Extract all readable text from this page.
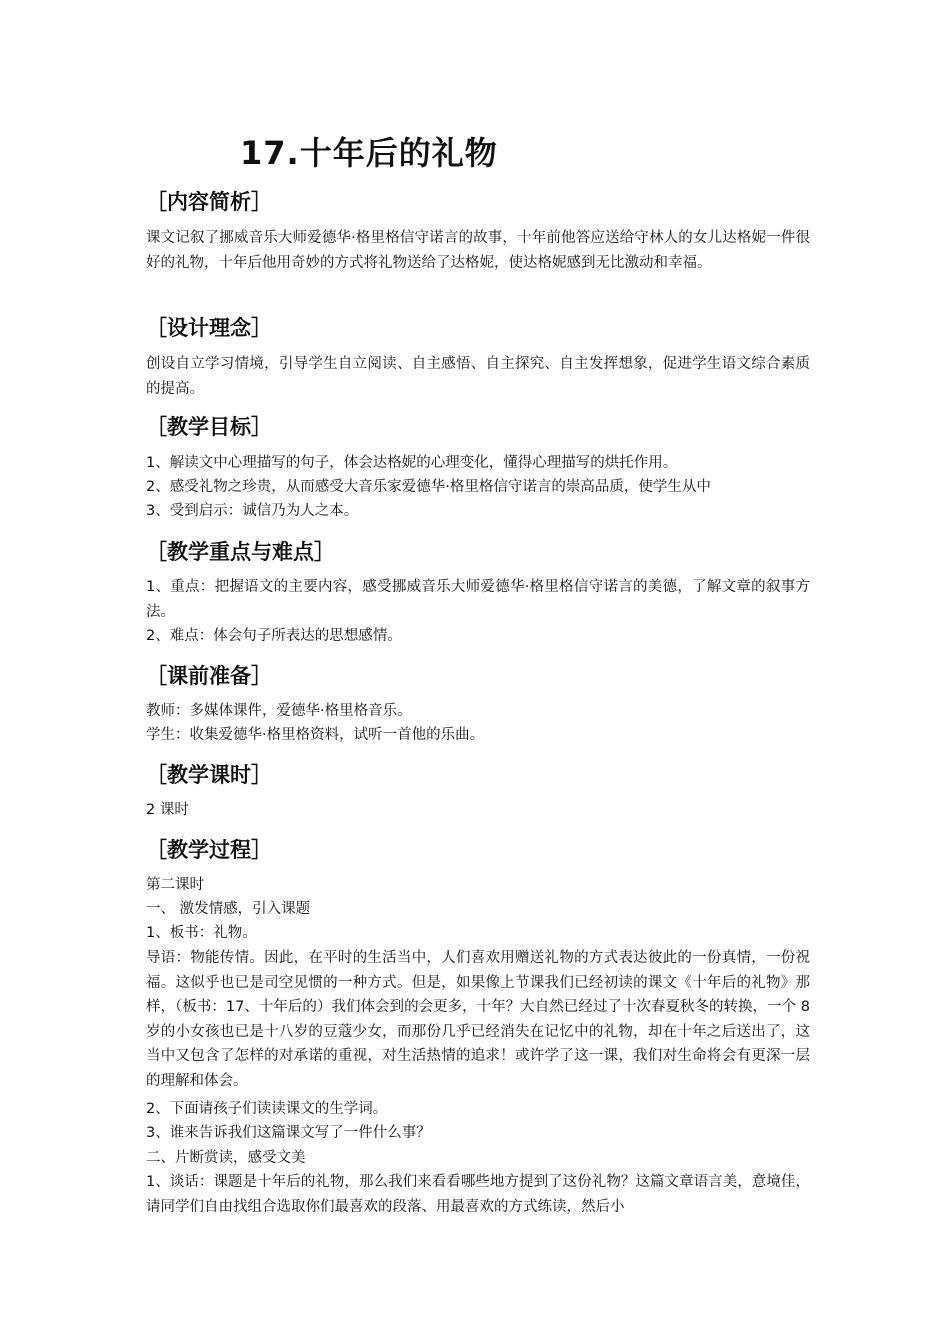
17.十年后的礼物
［内容简析］
课文记叙了挪威音乐大师爱德华·格里格信守诺言的故事，十年前他答应送给守林人的女儿达格妮一件很好的礼物，十年后他用奇妙的方式将礼物送给了达格妮，使达格妮感到无比激动和幸福。
［设计理念］
创设自立学习情境，引导学生自立阅读、自主感悟、自主探究、自主发挥想象，促进学生语文综合素质的提高。
［教学目标］
1、解读文中心理描写的句子，体会达格妮的心理变化，懂得心理描写的烘托作用。
2、感受礼物之珍贵，从而感受大音乐家爱德华·格里格信守诺言的崇高品质，使学生从中
3、受到启示：诚信乃为人之本。
［教学重点与难点］
1、重点：把握语文的主要内容，感受挪威音乐大师爱德华·格里格信守诺言的美德，了解文章的叙事方法。
2、难点：体会句子所表达的思想感情。
［课前准备］
教师：多媒体课件，爱德华·格里格音乐。
学生：收集爱德华·格里格资料，试听一首他的乐曲。
［教学课时］
2 课时
［教学过程］
第二课时
一、 激发情感，引入课题
1、板书：礼物。
导语：物能传情。因此，在平时的生活当中，人们喜欢用赠送礼物的方式表达彼此的一份真情，一份祝福。这似乎也已是司空见惯的一种方式。但是，如果像上节课我们已经初读的课文《十年后的礼物》那样，（板书：17、十年后的）我们体会到的会更多，十年？大自然已经过了十次春夏秋冬的转换，一个 8 岁的小女孩也已是十八岁的豆蔻少女，而那份几乎已经消失在记忆中的礼物，却在十年之后送出了，这当中又包含了怎样的对承诺的重视，对生活热情的追求！或许学了这一课，我们对生命将会有更深一层的理解和体会。
2、下面请孩子们读读课文的生学词。
3、谁来告诉我们这篇课文写了一件什么事？
二、片断赏读，感受文美
1、谈话：课题是十年后的礼物，那么我们来看看哪些地方提到了这份礼物？这篇文章语言美，意境佳，请同学们自由找组合选取你们最喜欢的段落、用最喜欢的方式练读，然后小
